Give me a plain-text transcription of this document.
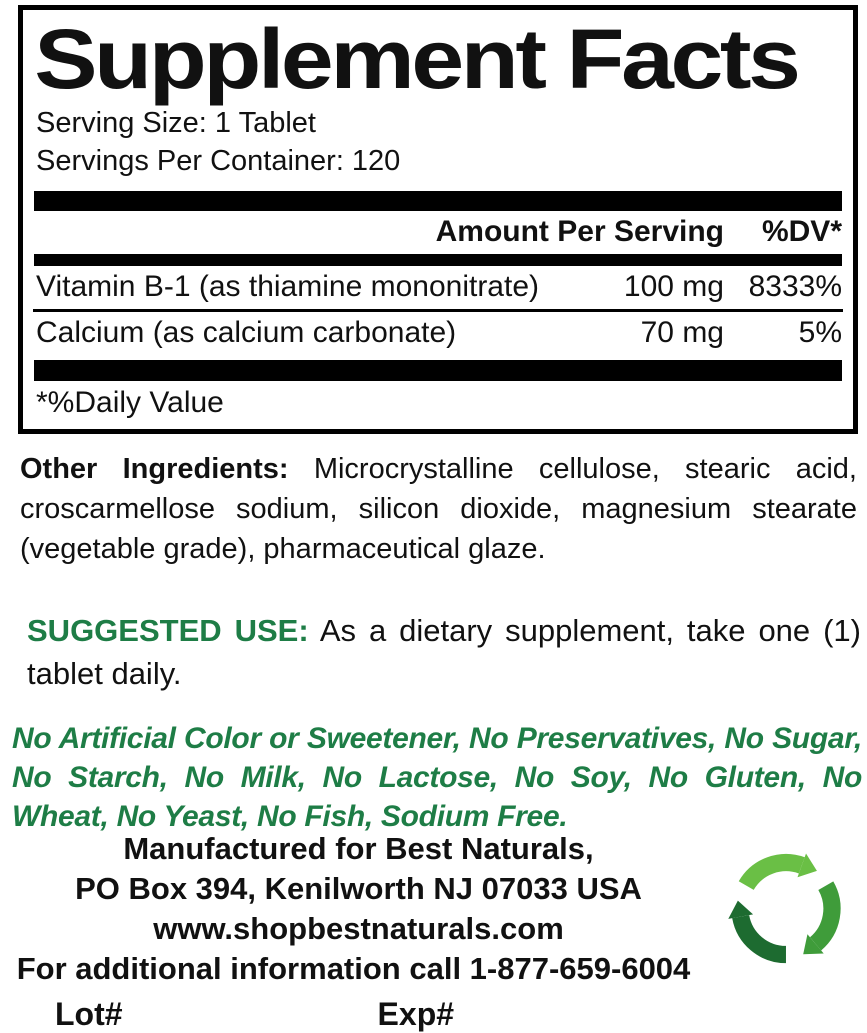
Supplement Facts
Serving Size: 1 Tablet
Servings Per Container: 120
Amount Per Serving	%DV*
Vitamin B-1 (as thiamine mononitrate)	100 mg 8333%
Calcium (as calcium carbonate)	70 mg	5%
*%Daily Value

Other Ingredients: Microcrystalline cellulose, stearic acid, croscarmellose sodium, silicon dioxide, magnesium stearate (vegetable grade), pharmaceutical glaze.

SUGGESTED USE: As a dietary supplement, take one (1) tablet daily.

No Artificial Color or Sweetener, No Preservatives, No Sugar, No Starch, No Milk, No Lactose, No Soy, No Gluten, No Wheat, No Yeast, No Fish, Sodium Free.

Manufactured for Best Naturals,
PO Box 394, Kenilworth NJ 07033 USA
www.shopbestnaturals.com
For additional information call 1-877-659-6004
Lot#	Exp#
